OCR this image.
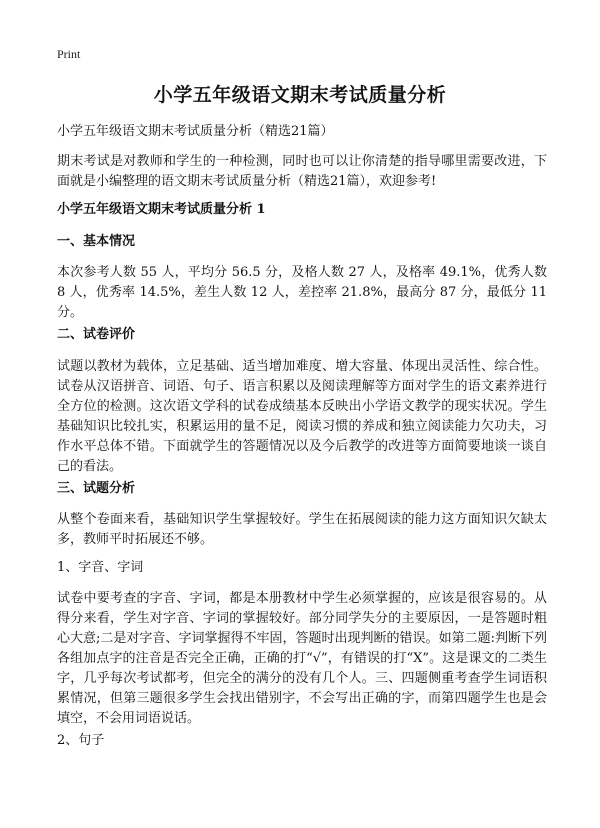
Print
小学五年级语文期末考试质量分析
小学五年级语文期末考试质量分析（精选21篇）
期末考试是对教师和学生的一种检测，同时也可以让你清楚的指导哪里需要改进，下面就是小编整理的语文期末考试质量分析（精选21篇），欢迎参考!
小学五年级语文期末考试质量分析 1
一、基本情况
本次参考人数 55 人，平均分 56.5 分，及格人数 27 人，及格率 49.1%，优秀人数 8 人，优秀率 14.5%，差生人数 12 人，差控率 21.8%，最高分 87 分，最低分 11 分。
二、试卷评价
试题以教材为载体，立足基础、适当增加难度、增大容量、体现出灵活性、综合性。试卷从汉语拼音、词语、句子、语言积累以及阅读理解等方面对学生的语文素养进行全方位的检测。这次语文学科的试卷成绩基本反映出小学语文教学的现实状况。学生基础知识比较扎实，积累运用的量不足，阅读习惯的养成和独立阅读能力欠功夫，习作水平总体不错。下面就学生的答题情况以及今后教学的改进等方面简要地谈一谈自己的看法。
三、试题分析
从整个卷面来看，基础知识学生掌握较好。学生在拓展阅读的能力这方面知识欠缺太多，教师平时拓展还不够。
1、字音、字词
试卷中要考查的字音、字词，都是本册教材中学生必须掌握的，应该是很容易的。从得分来看，学生对字音、字词的掌握较好。部分同学失分的主要原因，一是答题时粗心大意;二是对字音、字词掌握得不牢固，答题时出现判断的错误。如第二题:判断下列各组加点字的注音是否完全正确，正确的打“√”，有错误的打“X”。这是课文的二类生字，几乎每次考试都考，但完全的满分的没有几个人。三、四题侧重考查学生词语积累情况，但第三题很多学生会找出错别字，不会写出正确的字，而第四题学生也是会填空，不会用词语说话。
2、句子
